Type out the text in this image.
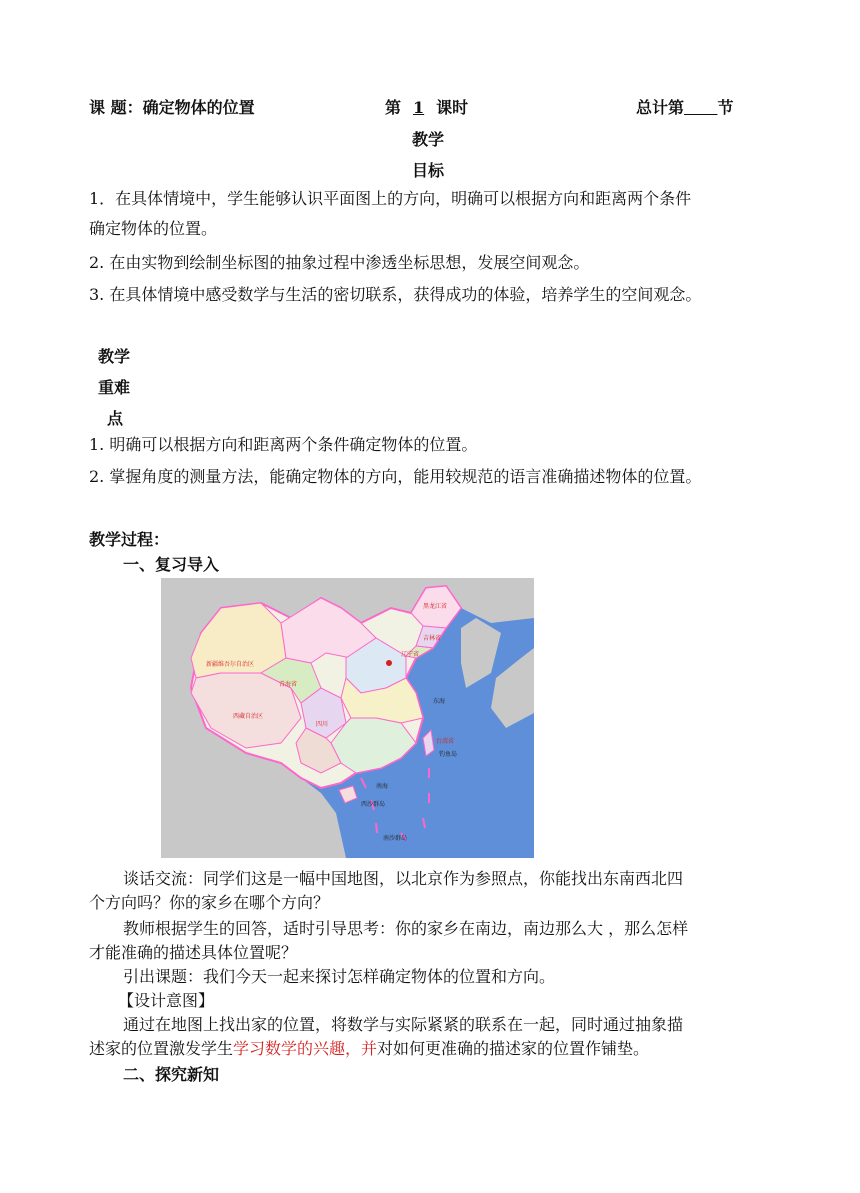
课 题：确定物体的位置	第 1 课时	总计第 节
教学
目标
1．在具体情境中，学生能够认识平面图上的方向，明确可以根据方向和距离两个条件
确定物体的位置。
2. 在由实物到绘制坐标图的抽象过程中渗透坐标思想，发展空间观念。
3. 在具体情境中感受数学与生活的密切联系，获得成功的体验，培养学生的空间观念。
教学
重难
点
1. 明确可以根据方向和距离两个条件确定物体的位置。
2. 掌握角度的测量方法，能确定物体的方向，能用较规范的语言准确描述物体的位置。
教学过程：
一、复习导入
新疆维吾尔自治区
西藏自治区
青海省
四川
黑龙江省
吉林省
辽宁省
台湾省
东海
南海
钓鱼岛
西沙群岛
南沙群岛
谈话交流：同学们这是一幅中国地图，以北京作为参照点，你能找出东南西北四
个方向吗？你的家乡在哪个方向？
教师根据学生的回答，适时引导思考：你的家乡在南边，南边那么大 ，那么怎样
才能准确的描述具体位置呢？
引出课题：我们今天一起来探讨怎样确定物体的位置和方向。
【设计意图】
通过在地图上找出家的位置，将数学与实际紧紧的联系在一起，同时通过抽象描
述家的位置激发学生学习数学的兴趣，并对如何更准确的描述家的位置作铺垫。
二、探究新知
